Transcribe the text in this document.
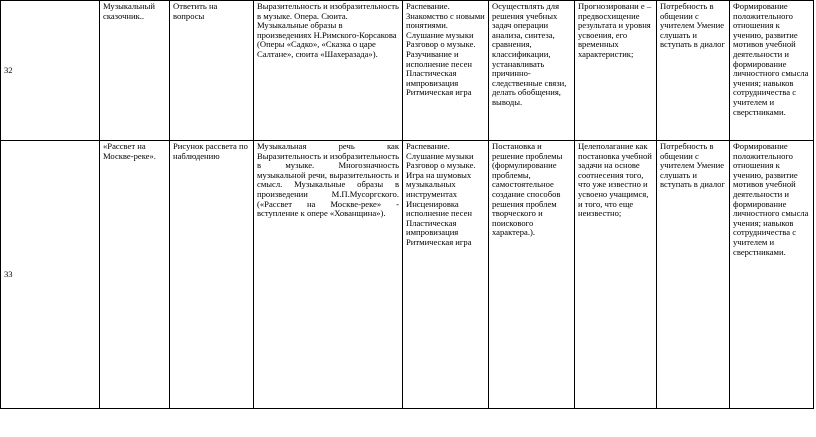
32	Музыкальный сказочник..	Ответить на вопросы	Выразительность и изобразительность в музыке. Опера. Сюита. Музыкальные образы в произведениях Н.Римского-Корсакова (Оперы «Садко», «Сказка о царе Салтане», сюита «Шахеразада»).	Распевание. Знакомство с новыми понятиями. Слушание музыки Разговор о музыке. Разучивание и исполнение песен Пластическая импровизация Ритмическая игра	Осуществлять для решения учебных задач операции анализа, синтеза, сравнения, классификации, устанавливать причинно-следственные связи, делать обобщения, выводы.	Прогнозировани е – предвосхищение результата и уровня усвоения, его временных характеристик;	Потребность в общении с учителем Умение слушать и вступать в диалог	Формирование положительного отношения к учению, развитие мотивов учебной деятельности и формирование личностного смысла учения; навыков сотрудничества с учителем и сверстниками.

33	«Рассвет на Москве-реке».	Рисунок рассвета по наблюдению	Музыкальная речь как Выразительность и изобразительность в музыке. Многозначность музыкальной речи, выразительность и смысл. Музыкальные образы в произведении М.П.Мусоргского. («Рассвет на Москве-реке» - вступление к опере «Хованщина»).	Распевание. Слушание музыки Разговор о музыке. Игра на шумовых музыкальных инструментах Инсценировка исполнение песен Пластическая импровизация Ритмическая игра	Постановка и решение проблемы (формулирование проблемы, самостоятельное создание способов решения проблем творческого и поискового характера.).	Целеполагание как постановка учебной задачи на основе соотнесения того, что уже известно и усвоено учащимся, и того, что еще неизвестно;	Потребность в общении с учителем Умение слушать и вступать в диалог	Формирование положительного отношения к учению, развитие мотивов учебной деятельности и формирование личностного смысла учения; навыков сотрудничества с учителем и сверстниками.
